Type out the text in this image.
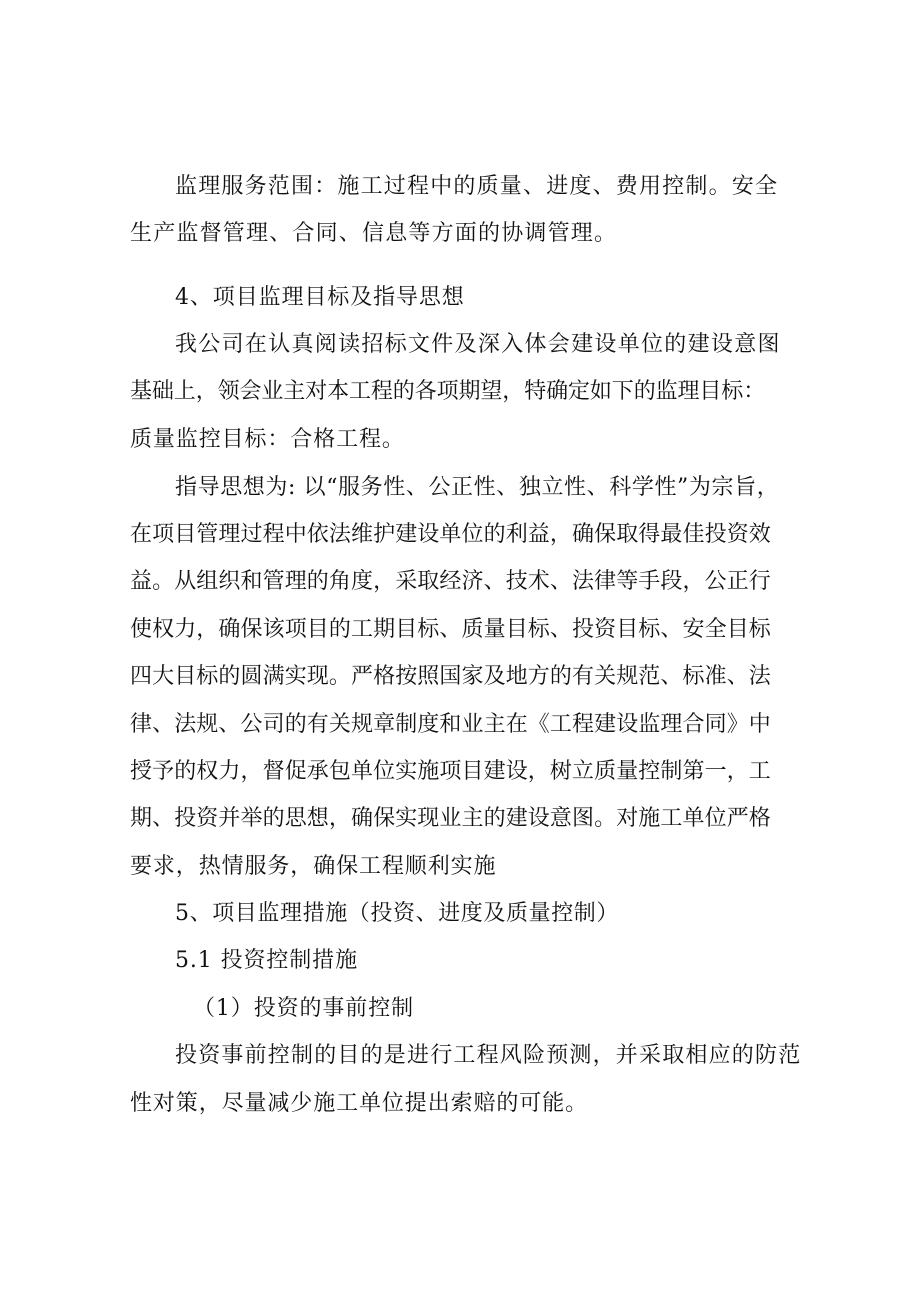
监理服务范围：施工过程中的质量、进度、费用控制。安全

生产监督管理、合同、信息等方面的协调管理。

4、项目监理目标及指导思想

我公司在认真阅读招标文件及深入体会建设单位的建设意图

基础上，领会业主对本工程的各项期望，特确定如下的监理目标：

质量监控目标：合格工程。

指导思想为: 以“服务性、公正性、独立性、科学性”为宗旨，

在项目管理过程中依法维护建设单位的利益，确保取得最佳投资效

益。从组织和管理的角度，采取经济、技术、法律等手段，公正行

使权力，确保该项目的工期目标、质量目标、投资目标、安全目标

四大目标的圆满实现。严格按照国家及地方的有关规范、标准、法

律、法规、公司的有关规章制度和业主在《工程建设监理合同》中

授予的权力，督促承包单位实施项目建设，树立质量控制第一，工

期、投资并举的思想，确保实现业主的建设意图。对施工单位严格

要求，热情服务，确保工程顺利实施

5、项目监理措施（投资、进度及质量控制）

5.1 投资控制措施

（1）投资的事前控制

投资事前控制的目的是进行工程风险预测，并采取相应的防范

性对策，尽量减少施工单位提出索赔的可能。
